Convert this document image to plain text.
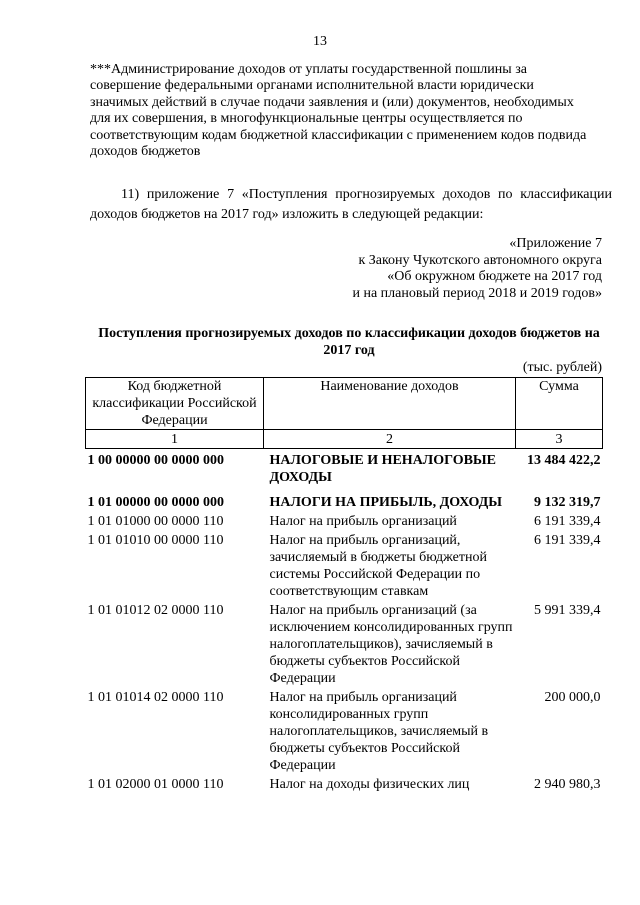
13
***Администрирование доходов от уплаты государственной пошлины за совершение федеральными органами исполнительной власти юридически значимых действий в случае подачи заявления и (или) документов, необходимых для их совершения, в многофункциональные центры осуществляется по соответствующим кодам бюджетной классификации с применением кодов подвида доходов бюджетов
11) приложение 7 «Поступления прогнозируемых доходов по классификации доходов бюджетов на 2017 год» изложить в следующей редакции:
«Приложение 7
к Закону Чукотского автономного округа
«Об окружном бюджете на 2017 год
и на плановый период 2018 и 2019 годов»
Поступления прогнозируемых доходов по классификации доходов бюджетов на 2017 год
(тыс. рублей)
Код бюджетной классификации Российской Федерации	Наименование доходов	Сумма
1	2	3
1 00 00000 00 0000 000	НАЛОГОВЫЕ И НЕНАЛОГОВЫЕ ДОХОДЫ	13 484 422,2
1 01 00000 00 0000 000	НАЛОГИ НА ПРИБЫЛЬ, ДОХОДЫ	9 132 319,7
1 01 01000 00 0000 110	Налог на прибыль организаций	6 191 339,4
1 01 01010 00 0000 110	Налог на прибыль организаций, зачисляемый в бюджеты бюджетной системы Российской Федерации по соответствующим ставкам	6 191 339,4
1 01 01012 02 0000 110	Налог на прибыль организаций (за исключением консолидированных групп налогоплательщиков), зачисляемый в бюджеты субъектов Российской Федерации	5 991 339,4
1 01 01014 02 0000 110	Налог на прибыль организаций консолидированных групп налогоплательщиков, зачисляемый в бюджеты субъектов Российской Федерации	200 000,0
1 01 02000 01 0000 110	Налог на доходы физических лиц	2 940 980,3
